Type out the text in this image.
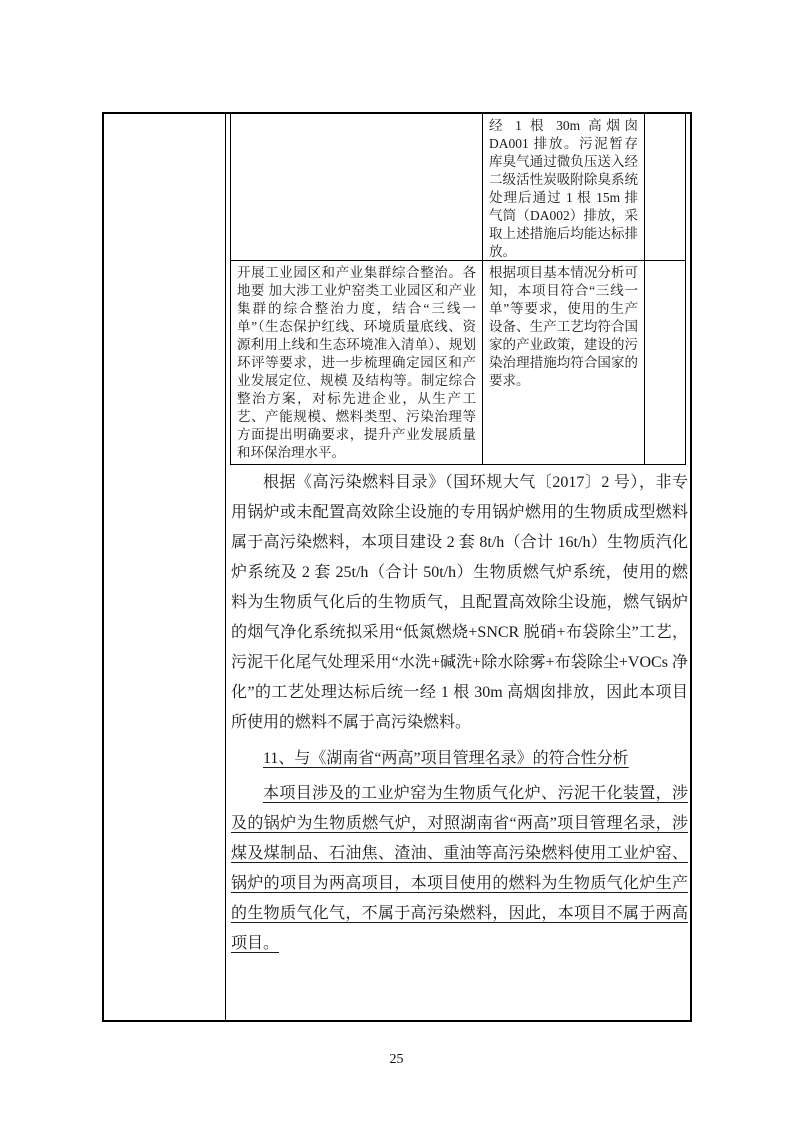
经 1 根 30m 高烟囱 DA001 排放。污泥暂存库臭气通过微负压送入经二级活性炭吸附除臭系统处理后通过 1 根 15m 排气筒（DA002）排放，采取上述措施后均能达标排放。
开展工业园区和产业集群综合整治。各地要 加大涉工业炉窑类工业园区和产业集群的综合整治力度，结合“三线一单”（生态保护红线、环境质量底线、资源利用上线和生态环境准入清单）、规划环评等要求，进一步梳理确定园区和产业发展定位、规模 及结构等。制定综合整治方案，对标先进企业，从生产工艺、产能规模、燃料类型、污染治理等方面提出明确要求，提升产业发展质量和环保治理水平。
根据项目基本情况分析可知，本项目符合“三线一单”等要求，使用的生产设备、生产工艺均符合国家的产业政策，建设的污染治理措施均符合国家的要求。

根据《高污染燃料目录》（国环规大气〔2017〕2 号），非专用锅炉或未配置高效除尘设施的专用锅炉燃用的生物质成型燃料属于高污染燃料，本项目建设 2 套 8t/h（合计 16t/h）生物质汽化炉系统及 2 套 25t/h（合计 50t/h）生物质燃气炉系统，使用的燃料为生物质气化后的生物质气，且配置高效除尘设施，燃气锅炉的烟气净化系统拟采用“低氮燃烧+SNCR 脱硝+布袋除尘”工艺，污泥干化尾气处理采用“水洗+碱洗+除水除雾+布袋除尘+VOCs 净化”的工艺处理达标后统一经 1 根 30m 高烟囱排放，因此本项目所使用的燃料不属于高污染燃料。

11、与《湖南省“两高”项目管理名录》的符合性分析

本项目涉及的工业炉窑为生物质气化炉、污泥干化装置，涉及的锅炉为生物质燃气炉，对照湖南省“两高”项目管理名录，涉煤及煤制品、石油焦、渣油、重油等高污染燃料使用工业炉窑、锅炉的项目为两高项目，本项目使用的燃料为生物质气化炉生产的生物质气化气，不属于高污染燃料，因此，本项目不属于两高项目。

25
